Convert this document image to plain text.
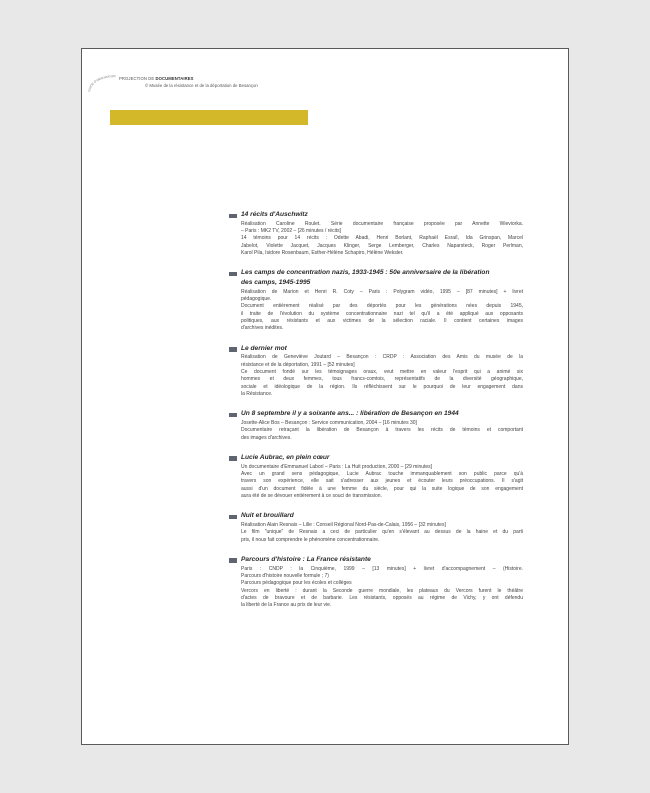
GUIDE D'ORIENTATIO	PROJECTION DE DOCUMENTAIRES
© Musée de la résistance et de la déportation de Besançon
14 récits d'Auschwitz
Réalisation Caroline Roulet. Série documentaire française proposée par Annette Wieviorka.
– Paris : MK2 TV, 2002 – [26 minutes / récits]
14 témoins pour 14 récits : Odette Abadi, Henri Borlant, Raphaël Esraïl, Ida Grinspan, Marcel
Jabelot, Violette Jacquet, Jacques Klinger, Serge Lemberger, Charles Naparsteck, Roger Perlman,
Karol Pila, Isidore Rosenbaum, Esther-Hélène Schapiro, Hélène Weksler.
Les camps de concentration nazis, 1933-1945 : 50e anniversaire de la libération
des camps, 1945-1995
Réalisation de Marion et Henri R. Coty – Paris : Polygram vidéo, 1995 – [87 minutes] + livret
pédagogique.
Document entièrement réalisé par des déportés pour les générations nées depuis 1945,
il traite de l'évolution du système concentrationnaire nazi tel qu'il a été appliqué aux opposants
politiques, aux résistants et aux victimes de la sélection raciale. Il contient certaines images
d'archives inédites.
Le dernier mot
Réalisation de Geneviève Joutard – Besançon : CRDP : Association des Amis du musée de la
résistance et de la déportation, 1991 – [52 minutes]
Ce document fondé sur les témoignages oraux, veut mettre en valeur l'esprit qui a animé six
hommes et deux femmes, tous francs-comtois, représentatifs de la diversité géographique,
sociale et idéologique de la région. Ils réfléchissent sur le pourquoi de leur engagement dans
la Résistance.
Un 8 septembre il y a soixante ans... : libération de Besançon en 1944
Josette-Alice Bos – Besançon : Service communication, 2004 – [16 minutes 30]
Documentaire retraçant la libération de Besançon à travers les récits de témoins et comportant
des images d'archives.
Lucie Aubrac, en plein cœur
Un documentaire d'Emmanuel Laborí – Paris : La Huit production, 2000 – [29 minutes]
Avec un grand sens pédagogique, Lucie Aubrac touche immanquablement son public parce qu'à
travers son expérience, elle sait s'adresser aux jeunes et écouter leurs préoccupations. Il s'agit
aussi d'un document fidèle à une femme du siècle, pour qui la suite logique de son engagement
aura été de se dévouer entièrement à ce souci de transmission.
Nuit et brouillard
Réalisation Alain Resnais – Lille : Conseil Régional Nord-Pas-de-Calais, 1956 – [32 minutes]
Le film "unique" de Resnais a ceci de particulier qu'en s'élevant au dessus de la haine et du parti
pris, il nous fait comprendre le phénomène concentrationnaire.
Parcours d'histoire : La France résistante
Paris : CNDP : la Cinquième, 1999 – [13 minutes] + livret d'accompagnement – (Histoire.
Parcours d'histoire nouvelle formule ; 7)
Parcours pédagogique pour les écoles et collèges
Vercors en liberté : durant la Seconde guerre mondiale, les plateaux du Vercors furent le théâtre
d'actes de bravoure et de barbarie. Les résistants, opposés au régime de Vichy, y ont défendu
la liberté de la France au prix de leur vie.
